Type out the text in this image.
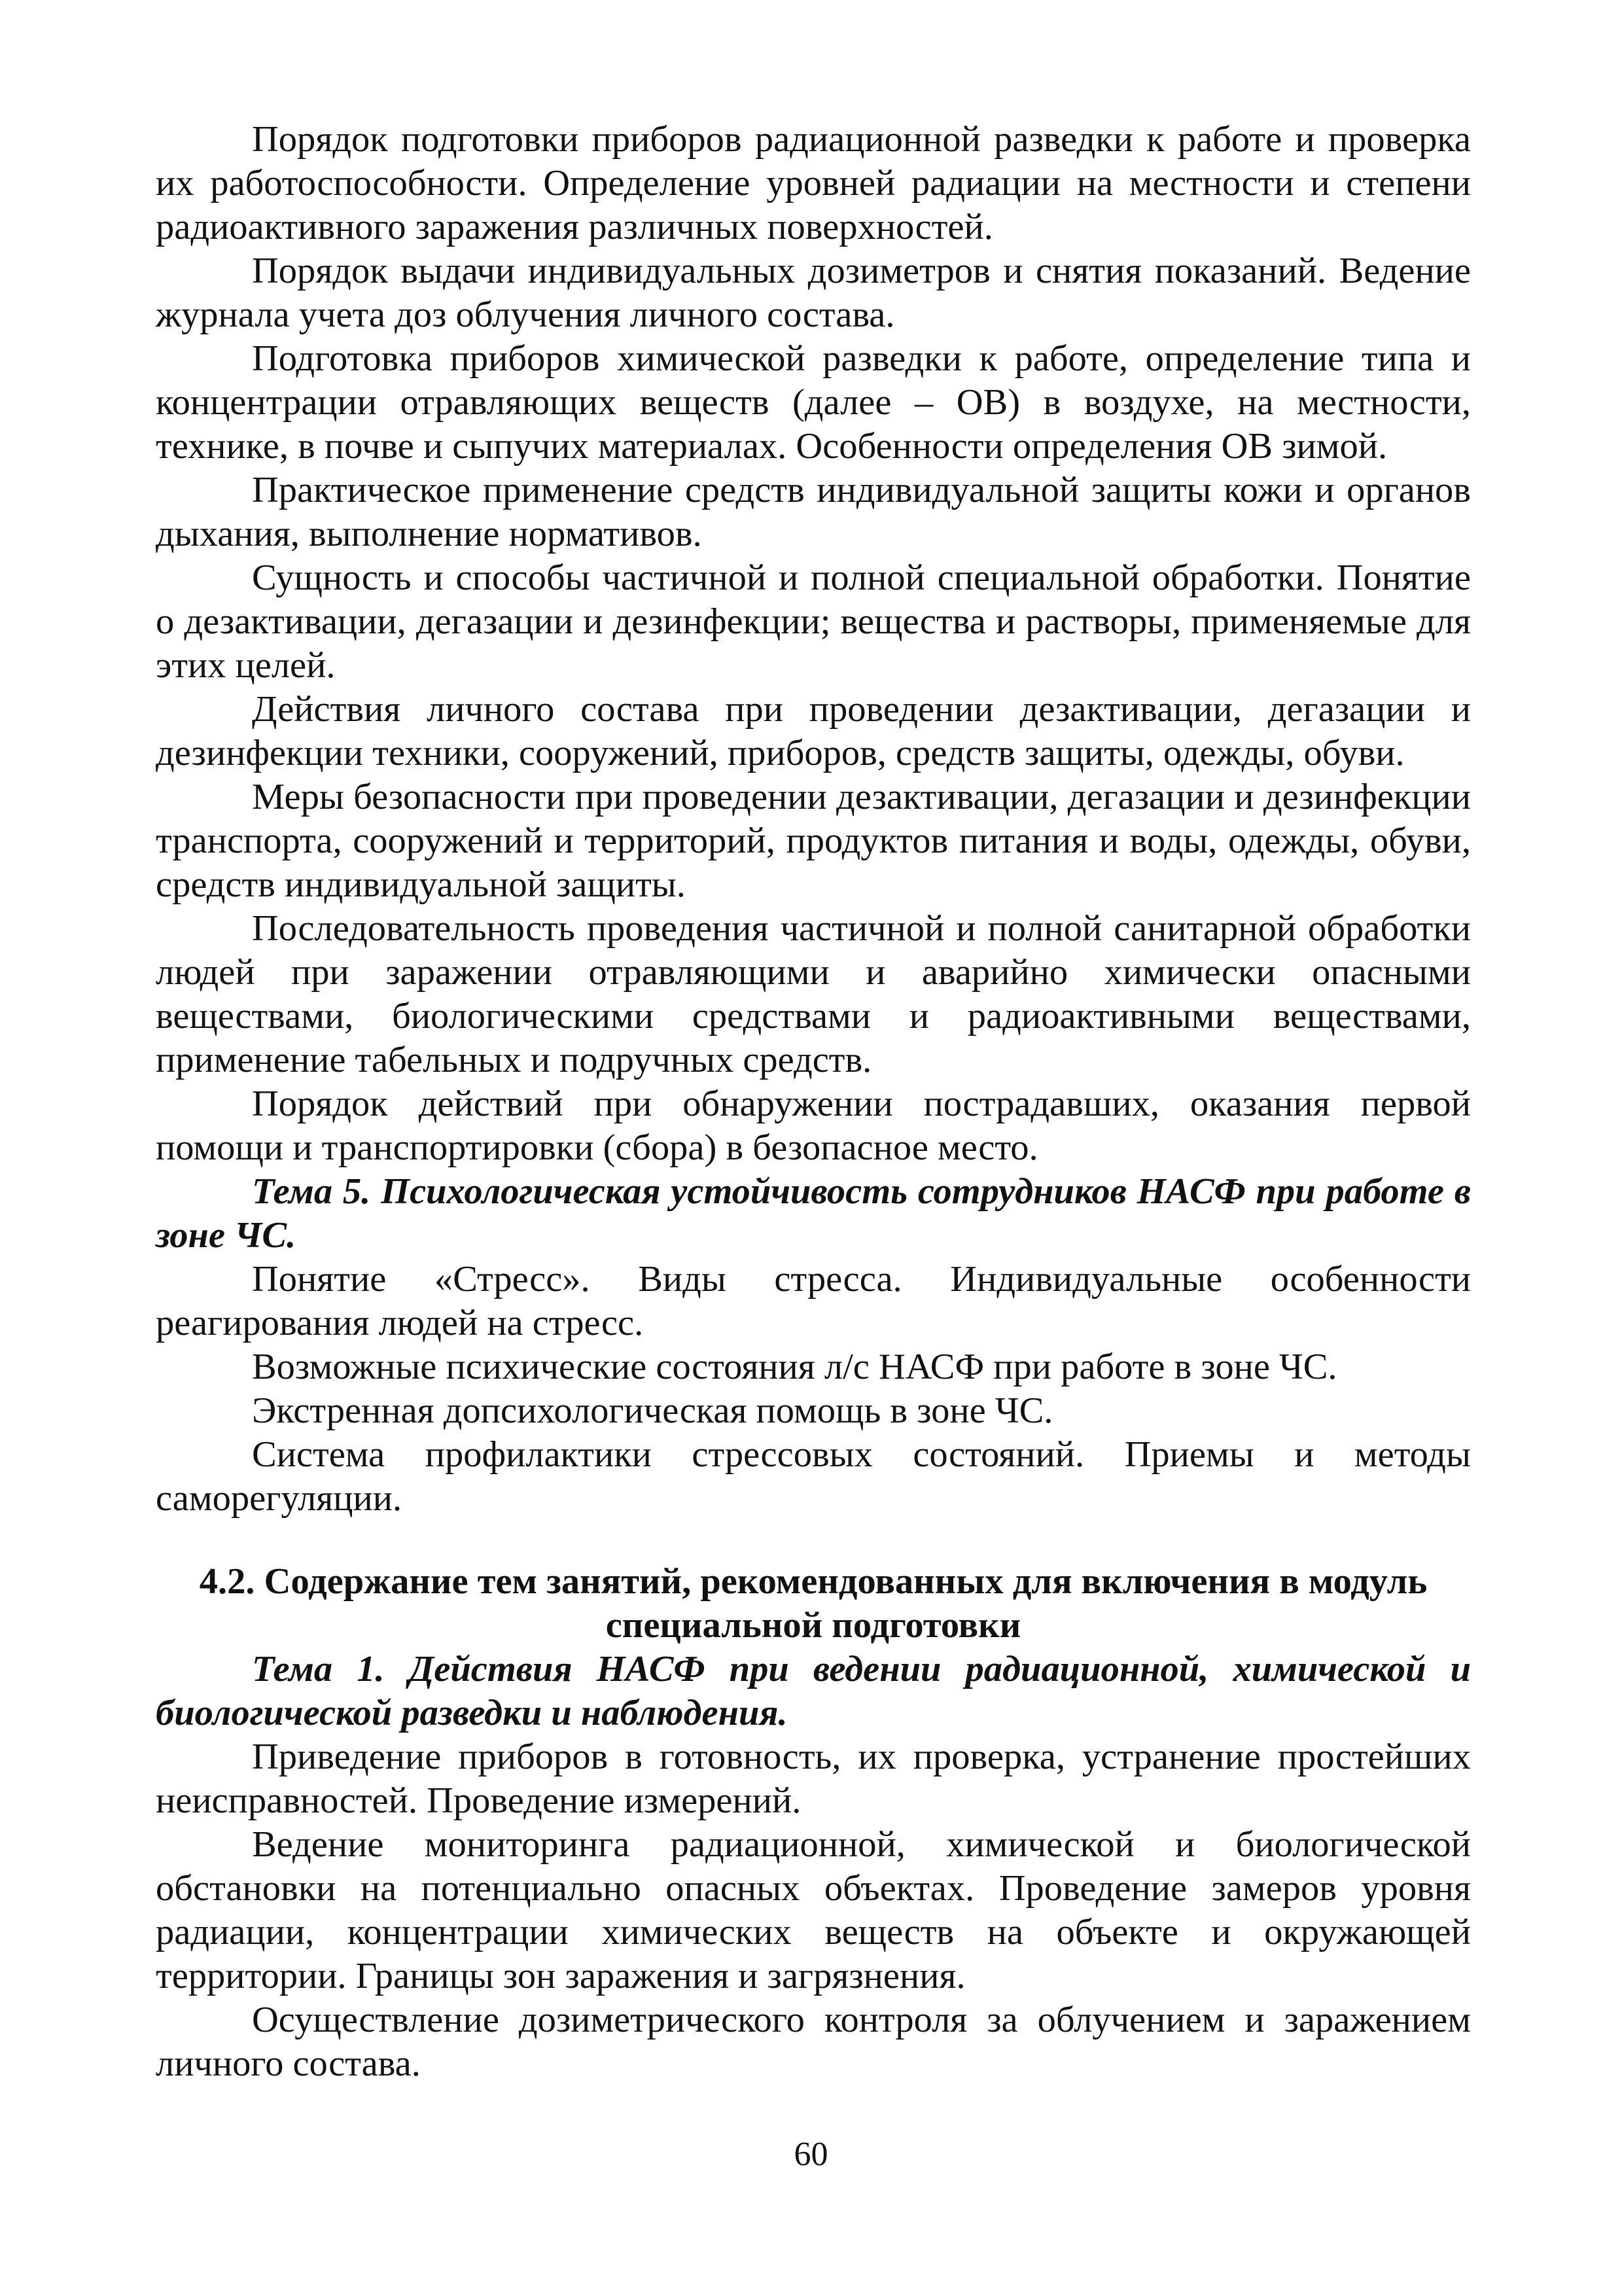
Порядок подготовки приборов радиационной разведки к работе и проверка их работоспособности. Определение уровней радиации на местности и степени радиоактивного заражения различных поверхностей.

Порядок выдачи индивидуальных дозиметров и снятия показаний. Ведение журнала учета доз облучения личного состава.

Подготовка приборов химической разведки к работе, определение типа и концентрации отравляющих веществ (далее – ОВ) в воздухе, на местности, технике, в почве и сыпучих материалах. Особенности определения ОВ зимой.

Практическое применение средств индивидуальной защиты кожи и органов дыхания, выполнение нормативов.

Сущность и способы частичной и полной специальной обработки. Понятие о дезактивации, дегазации и дезинфекции; вещества и растворы, применяемые для этих целей.

Действия личного состава при проведении дезактивации, дегазации и дезинфекции техники, сооружений, приборов, средств защиты, одежды, обуви.

Меры безопасности при проведении дезактивации, дегазации и дезинфекции транспорта, сооружений и территорий, продуктов питания и воды, одежды, обуви, средств индивидуальной защиты.

Последовательность проведения частичной и полной санитарной обработки людей при заражении отравляющими и аварийно химически опасными веществами, биологическими средствами и радиоактивными веществами, применение табельных и подручных средств.

Порядок действий при обнаружении пострадавших, оказания первой помощи и транспортировки (сбора) в безопасное место.

Тема 5. Психологическая устойчивость сотрудников НАСФ при работе в зоне ЧС.

Понятие «Стресс». Виды стресса. Индивидуальные особенности реагирования людей на стресс.

Возможные психические состояния л/с НАСФ при работе в зоне ЧС.

Экстренная допсихологическая помощь в зоне ЧС.

Система профилактики стрессовых состояний. Приемы и методы саморегуляции.

4.2. Содержание тем занятий, рекомендованных для включения в модуль специальной подготовки

Тема 1. Действия НАСФ при ведении радиационной, химической и биологической разведки и наблюдения.

Приведение приборов в готовность, их проверка, устранение простейших неисправностей. Проведение измерений.

Ведение мониторинга радиационной, химической и биологической обстановки на потенциально опасных объектах. Проведение замеров уровня радиации, концентрации химических веществ на объекте и окружающей территории. Границы зон заражения и загрязнения.

Осуществление дозиметрического контроля за облучением и заражением личного состава.

60
